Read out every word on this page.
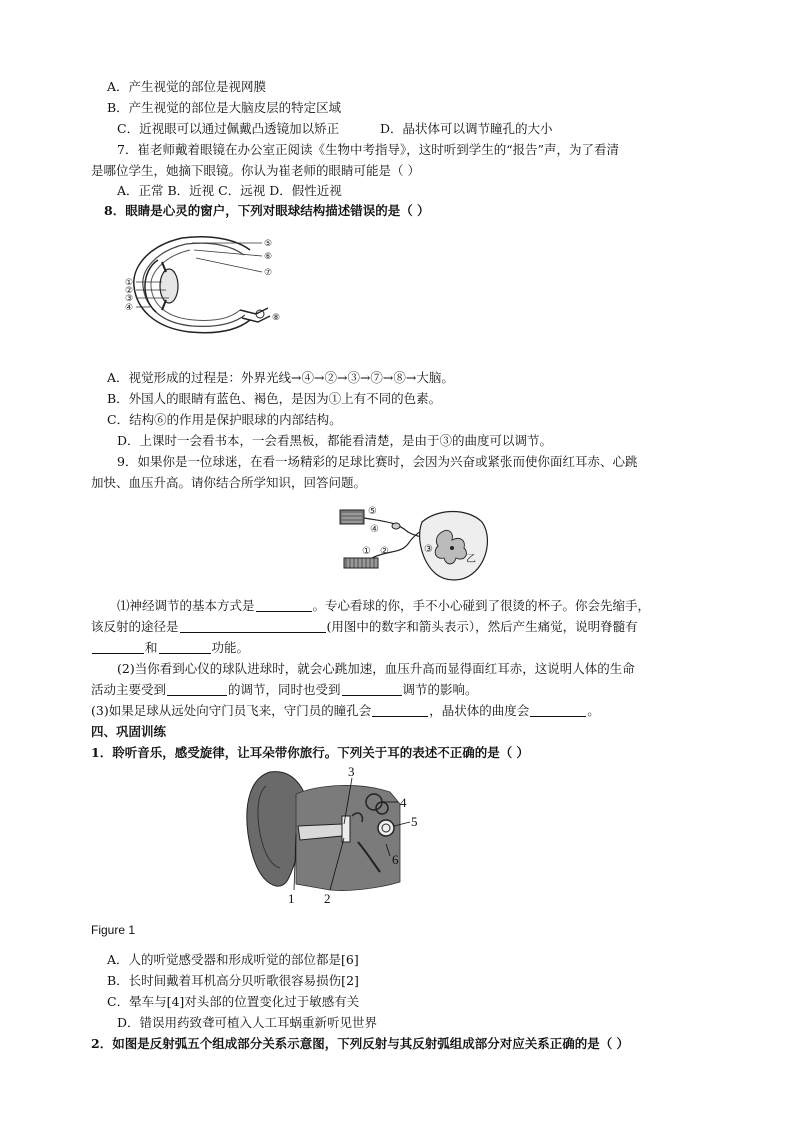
A．产生视觉的部位是视网膜
B．产生视觉的部位是大脑皮层的特定区域
C．近视眼可以通过佩戴凸透镜加以矫正	D．晶状体可以调节瞳孔的大小
7．崔老师戴着眼镜在办公室正阅读《生物中考指导》，这时听到学生的“报告”声，为了看清
是哪位学生，她摘下眼镜。你认为崔老师的眼睛可能是（ ）
A．正常 B．近视 C．远视 D．假性近视
8．眼睛是心灵的窗户，下列对眼球结构描述错误的是（ ）
⑤
⑥
⑦
①
②
③
④
⑧
A．视觉形成的过程是：外界光线→④→②→③→⑦→⑧→大脑。
B．外国人的眼睛有蓝色、褐色，是因为①上有不同的色素。
C．结构⑥的作用是保护眼球的内部结构。
D．上课时一会看书本，一会看黑板，都能看清楚，是由于③的曲度可以调节。
9．如果你是一位球迷，在看一场精彩的足球比赛时，会因为兴奋或紧张而使你面红耳赤、心跳
加快、血压升高。请你结合所学知识，回答问题。
⑤
④
① ②	③
乙
⑴神经调节的基本方式是	。专心看球的你，手不小心碰到了很烫的杯子。你会先缩手，
该反射的途径是	(用图中的数字和箭头表示），然后产生痛觉，说明脊髓有
和	功能。
(2)当你看到心仪的球队进球时，就会心跳加速，血压升高而显得面红耳赤，这说明人体的生命
活动主要受到	的调节，同时也受到	调节的影响。
(3)如果足球从远处向守门员飞来，守门员的瞳孔会	，晶状体的曲度会	。
四、巩固训练
1．聆听音乐，感受旋律，让耳朵带你旅行。下列关于耳的表述不正确的是（ ）
3
4
5
6
1 2
Figure 1
A．人的听觉感受器和形成听觉的部位都是[6]
B．长时间戴着耳机高分贝听歌很容易损伤[2]
C．晕车与[4]对头部的位置变化过于敏感有关
D．错误用药致聋可植入人工耳蜗重新听见世界
2．如图是反射弧五个组成部分关系示意图，下列反射与其反射弧组成部分对应关系正确的是（ ）
